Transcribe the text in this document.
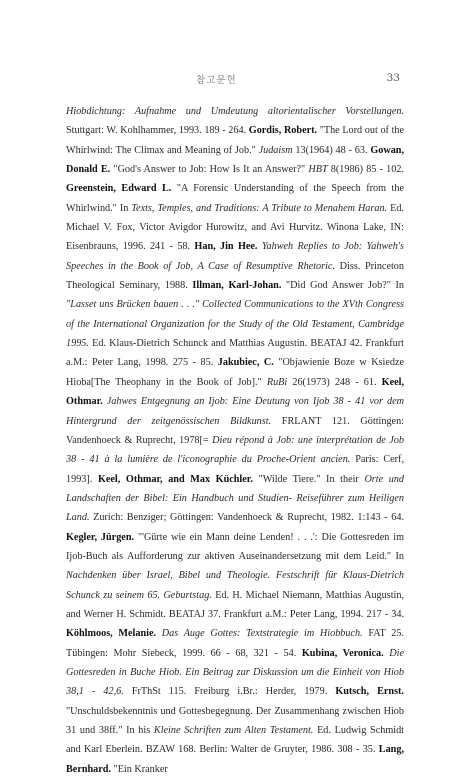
참고문헌	33
Hiobdichtung: Aufnahme und Umdeutung altorientalischer Vorstellungen. Stuttgart: W. Kohlhammer, 1993. 189 - 264. Gordis, Robert. "The Lord out of the Whirlwind: The Climax and Meaning of Job." Judaism 13(1964) 48 - 63. Gowan, Donald E. "God's Answer to Job: How Is It an Answer?" HBT 8(1986) 85 - 102. Greenstein, Edward L. "A Forensic Understanding of the Speech from the Whirlwind." In Texts, Temples, and Traditions: A Tribute to Menahem Haran. Ed. Michael V. Fox, Victor Avigdor Hurowitz, and Avi Hurvitz. Winona Lake, IN: Eisenbrauns, 1996. 241 - 58. Han, Jin Hee. Yahweh Replies to Job: Yahweh's Speeches in the Book of Job, A Case of Resumptive Rhetoric. Diss. Princeton Theological Seminary, 1988. Illman, Karl-Johan. "Did God Answer Job?" In "Lasset uns Brücken bauen . . ." Collected Communications to the XVth Congress of the International Organization for the Study of the Old Testament, Cambridge 1995. Ed. Klaus-Dietrich Schunck and Matthias Augustin. BEATAJ 42. Frankfurt a.M.: Peter Lang, 1998. 275 - 85. Jakubiec, C. "Objawienie Boze w Ksiedze Hioba[The Theophany in the Book of Job]." RuBi 26(1973) 248 - 61. Keel, Othmar. Jahwes Entgegnung an Ijob: Eine Deutung von Ijob 38 - 41 vor dem Hintergrund der zeitgenössischen Bildkunst. FRLANT 121. Göttingen: Vandenhoeck & Ruprecht, 1978[= Dieu répond à Job: une interprétation de Job 38 - 41 à la lumière de l'iconographie du Proche-Orient ancien. Paris: Cerf, 1993]. Keel, Othmar, and Max Küchler. "Wilde Tiere." In their Orte und Landschaften der Bibel: Ein Handbuch und Studien- Reiseführer zum Heiligen Land. Zurich: Benziger; Göttingen: Vandenhoeck & Ruprecht, 1982. 1:143 - 64. Kegler, Jürgen. "'Gürte wie ein Mann deine Lenden! . . .': Die Gottesreden im Ijob-Buch als Aufforderung zur aktiven Auseinandersetzung mit dem Leid." In Nachdenken über Israel, Bibel und Theologie. Festschrift für Klaus-Dietrich Schunck zu seinem 65. Geburtstag. Ed. H. Michael Niemann, Matthias Augustin, and Werner H. Schmidt. BEATAJ 37. Frankfurt a.M.: Peter Lang, 1994. 217 - 34. Köhlmoos, Melanie. Das Auge Gottes: Textstrategie im Hiobbuch. FAT 25. Tübingen: Mohr Siebeck, 1999. 66 - 68, 321 - 54. Kubina, Veronica. Die Gottesreden in Buche Hiob. Ein Beitrag zur Diskussion um die Einheit von Hiob 38,1 - 42,6. FrThSt 115. Freiburg i.Br.: Herder, 1979. Kutsch, Ernst. "Unschuldsbekenntnis und Gottesbegegnung. Der Zusammenhang zwischen Hiob 31 und 38ff." In his Kleine Schriften zum Alten Testament. Ed. Ludwig Schmidt and Karl Eberlein. BZAW 168. Berlin: Walter de Gruyter, 1986. 308 - 35. Lang, Bernhard. "Ein Kranker
